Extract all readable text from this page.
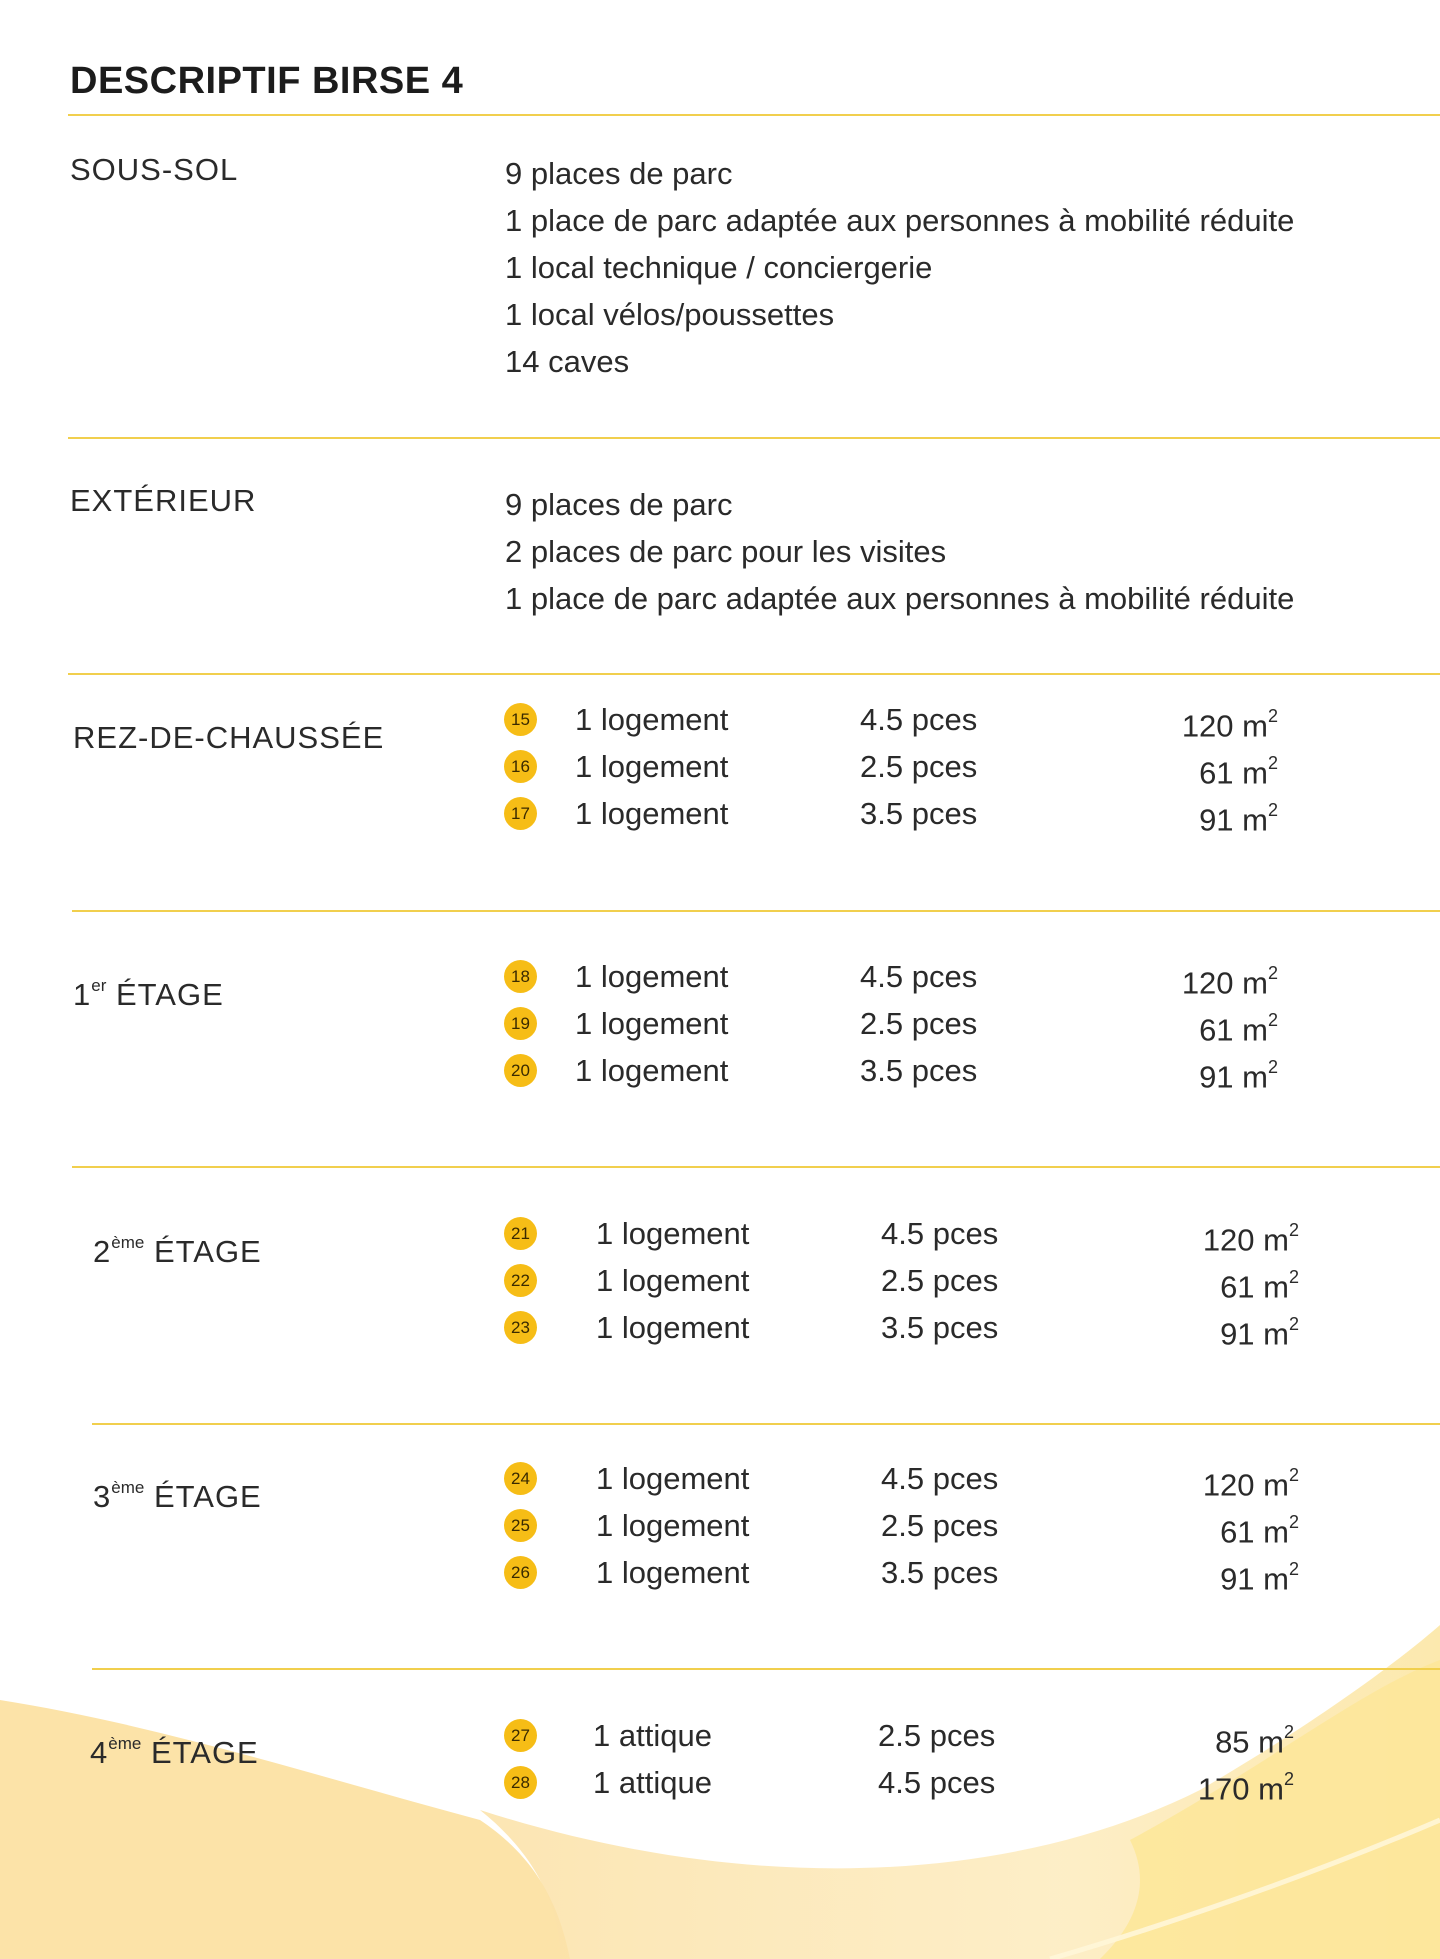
DESCRIPTIF BIRSE 4
SOUS-SOL	9 places de parc
1 place de parc adaptée aux personnes à mobilité réduite
1 local technique / conciergerie
1 local vélos/poussettes
14 caves
EXTÉRIEUR	9 places de parc
2 places de parc pour les visites
1 place de parc adaptée aux personnes à mobilité réduite
REZ-DE-CHAUSSÉE
15 1 logement	4.5 pces	120 $m^2$
16 1 logement	2.5 pces	61 $m^2$
17 1 logement	3.5 pces	91 $m^2$
1er ÉTAGE
18 1 logement	4.5 pces	120 $m^2$
19 1 logement	2.5 pces	61 $m^2$
20 1 logement	3.5 pces	91 $m^2$
2ème ÉTAGE
21 1 logement	4.5 pces	120 $m^2$
22 1 logement	2.5 pces	61 $m^2$
23 1 logement	3.5 pces	91 $m^2$
3ème ÉTAGE
24 1 logement	4.5 pces	120 $m^2$
25 1 logement	2.5 pces	61 $m^2$
26 1 logement	3.5 pces	91 $m^2$
4ème ÉTAGE	27 1 attique	2.5 pces	85 $m^2$
28 1 attique	4.5 pces	170 $m^2$
